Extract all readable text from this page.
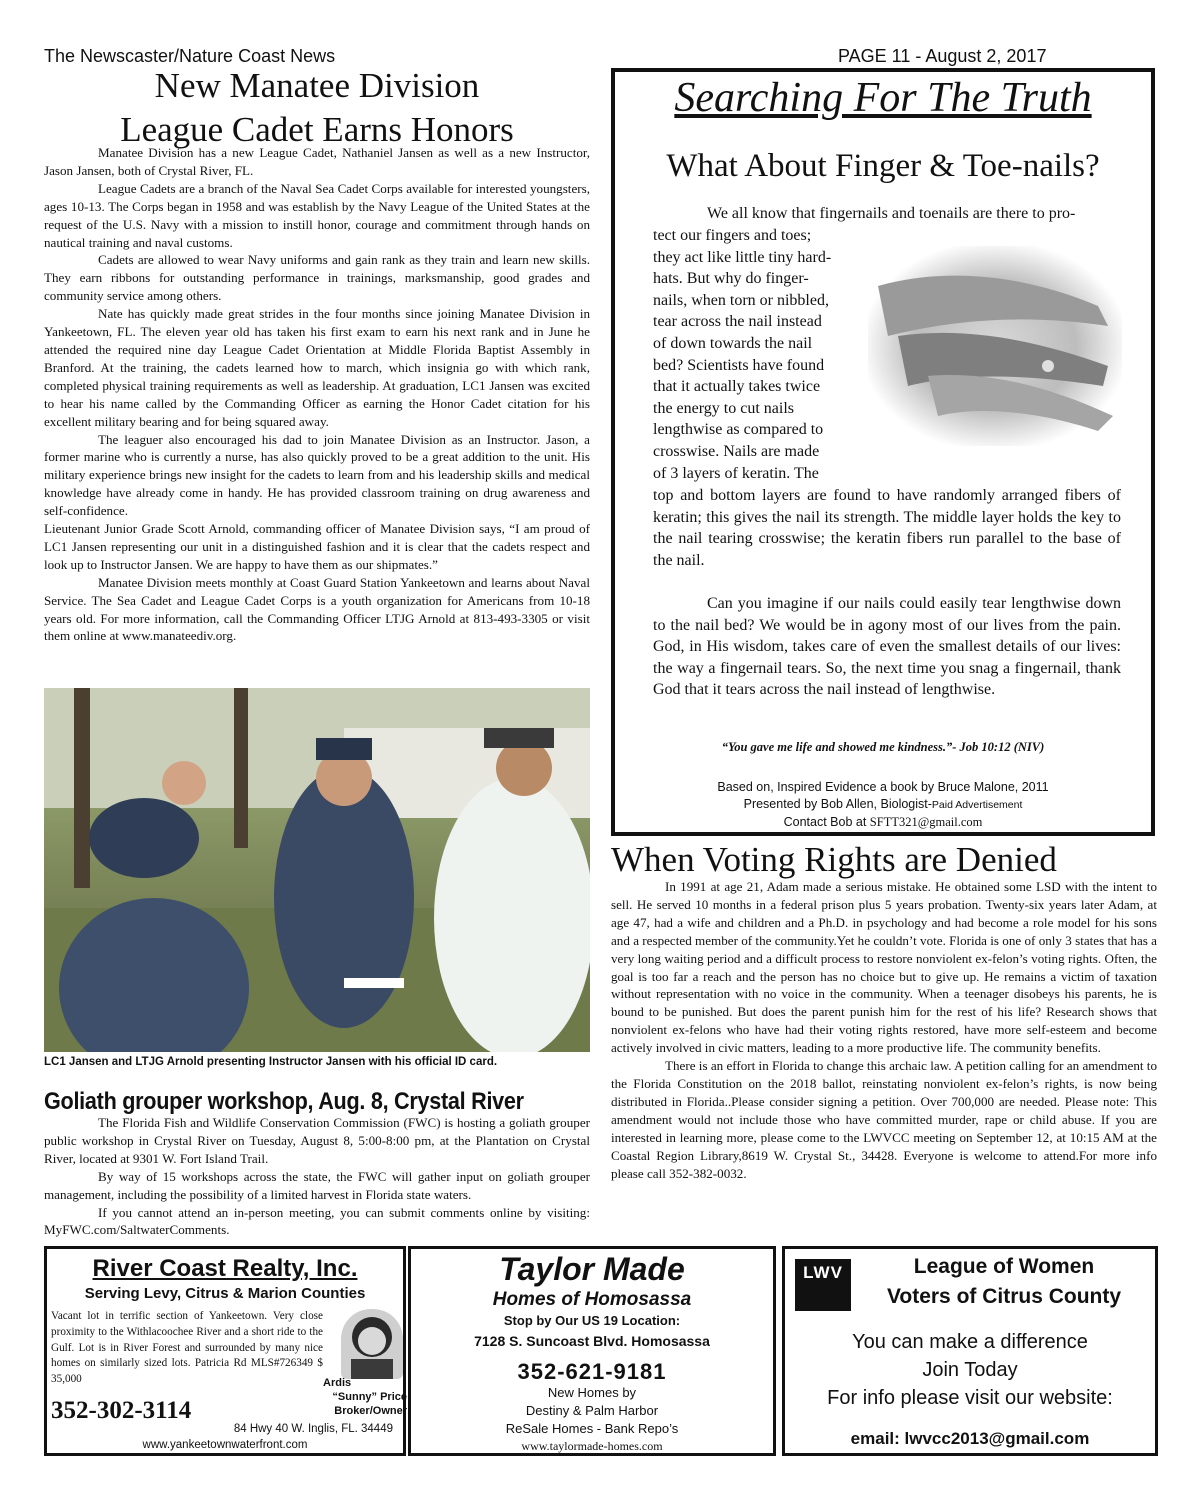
The Newscaster/Nature Coast News	PAGE 11 - August 2, 2017
New Manatee Division
League Cadet Earns Honors

Manatee Division has a new League Cadet, Nathaniel Jansen as well as a new Instructor, Jason Jansen, both of Crystal River, FL.

League Cadets are a branch of the Naval Sea Cadet Corps available for interested youngsters, ages 10-13. The Corps began in 1958 and was establish by the Navy League of the United States at the request of the U.S. Navy with a mission to instill honor, courage and commitment through hands on nautical training and naval customs.

Cadets are allowed to wear Navy uniforms and gain rank as they train and learn new skills. They earn ribbons for outstanding performance in trainings, marksmanship, good grades and community service among others.

Nate has quickly made great strides in the four months since joining Manatee Division in Yankeetown, FL. The eleven year old has taken his first exam to earn his next rank and in June he attended the required nine day League Cadet Orientation at Middle Florida Baptist Assembly in Branford. At the training, the cadets learned how to march, which insignia go with which rank, completed physical training requirements as well as leadership. At graduation, LC1 Jansen was excited to hear his name called by the Commanding Officer as earning the Honor Cadet citation for his excellent military bearing and for being squared away.

The leaguer also encouraged his dad to join Manatee Division as an Instructor. Jason, a former marine who is currently a nurse, has also quickly proved to be a great addition to the unit. His military experience brings new insight for the cadets to learn from and his leadership skills and medical knowledge have already come in handy. He has provided classroom training on drug awareness and self-confidence.

Lieutenant Junior Grade Scott Arnold, commanding officer of Manatee Division says, “I am proud of LC1 Jansen representing our unit in a distinguished fashion and it is clear that the cadets respect and look up to Instructor Jansen. We are happy to have them as our shipmates.”

Manatee Division meets monthly at Coast Guard Station Yankeetown and learns about Naval Service. The Sea Cadet and League Cadet Corps is a youth organization for Americans from 10-18 years old. For more information, call the Commanding Officer LTJG Arnold at 813-493-3305 or visit them online at www.manateediv.org.

LC1 Jansen and LTJG Arnold presenting Instructor Jansen with his official ID card.
Goliath grouper workshop, Aug. 8, Crystal River

The Florida Fish and Wildlife Conservation Commission (FWC) is hosting a goliath grouper public workshop in Crystal River on Tuesday, August 8, 5:00-8:00 pm, at the Plantation on Crystal River, located at 9301 W. Fort Island Trail.

By way of 15 workshops across the state, the FWC will gather input on goliath grouper management, including the possibility of a limited harvest in Florida state waters.

If you cannot attend an in-person meeting, you can submit comments online by visiting: MyFWC.com/SaltwaterComments.

Searching For The Truth
What About Finger & Toe-nails?
We all know that fingernails and toenails are there to pro-
tect our fingers and toes;
they act like little tiny hard-
hats. But why do finger-
nails, when torn or nibbled,
tear across the nail instead
of down towards the nail
bed? Scientists have found
that it actually takes twice
the energy to cut nails
lengthwise as compared to
crosswise. Nails are made
of 3 layers of keratin. The
top and bottom layers are found to have randomly arranged fibers of keratin; this gives the nail its strength. The middle layer holds the key to the nail tearing crosswise; the keratin fibers run parallel to the base of the nail.
Can you imagine if our nails could easily tear lengthwise down to the nail bed? We would be in agony most of our lives from the pain. God, in His wisdom, takes care of even the smallest details of our lives: the way a fingernail tears. So, the next time you snag a fingernail, thank God that it tears across the nail instead of lengthwise.
“You gave me life and showed me kindness.”- Job 10:12 (NIV)
Based on, Inspired Evidence a book by Bruce Malone, 2011
Presented by Bob Allen, Biologist-Paid Advertisement
Contact Bob at SFTT321@gmail.com
When Voting Rights are Denied

In 1991 at age 21, Adam made a serious mistake. He obtained some LSD with the intent to sell. He served 10 months in a federal prison plus 5 years probation. Twenty-six years later Adam, at age 47, had a wife and children and a Ph.D. in psychology and had become a role model for his sons and a respected member of the community.Yet he couldn’t vote. Florida is one of only 3 states that has a very long waiting period and a difficult process to restore nonviolent ex-felon’s voting rights. Often, the goal is too far a reach and the person has no choice but to give up. He remains a victim of taxation without representation with no voice in the community. When a teenager disobeys his parents, he is bound to be punished. But does the parent punish him for the rest of his life? Research shows that nonviolent ex-felons who have had their voting rights restored, have more self-esteem and become actively involved in civic matters, leading to a more productive life. The community benefits.

There is an effort in Florida to change this archaic law. A petition calling for an amendment to the Florida Constitution on the 2018 ballot, reinstating nonviolent ex-felon’s rights, is now being distributed in Florida..Please consider signing a petition. Over 700,000 are needed. Please note: This amendment would not include those who have committed murder, rape or child abuse. If you are interested in learning more, please come to the LWVCC meeting on September 12, at 10:15 AM at the Coastal Region Library,8619 W. Crystal St., 34428. Everyone is welcome to attend.For more info please call 352-382-0032.

River Coast Realty, Inc.
Serving Levy, Citrus & Marion Counties
Vacant lot in terrific section of Yankeetown. Very close proximity to the Withlacoochee River and a short ride to the Gulf. Lot is in River Forest and surrounded by many nice homes on similarly sized lots. Patricia Rd MLS#726349 $ 35,000	Ardis
“Sunny” Price
Broker/Owner
352-302-3114
84 Hwy 40 W. Inglis, FL. 34449
www.yankeetownwaterfront.com
Taylor Made
Homes of Homosassa
Stop by Our US 19 Location:
7128 S. Suncoast Blvd. Homosassa
352-621-9181
New Homes by
Destiny & Palm Harbor
ReSale Homes - Bank Repo’s
www.taylormade-homes.com
LWV	League of Women
Voters of Citrus County
You can make a difference
Join Today
For info please visit our website:
email: lwvcc2013@gmail.com
